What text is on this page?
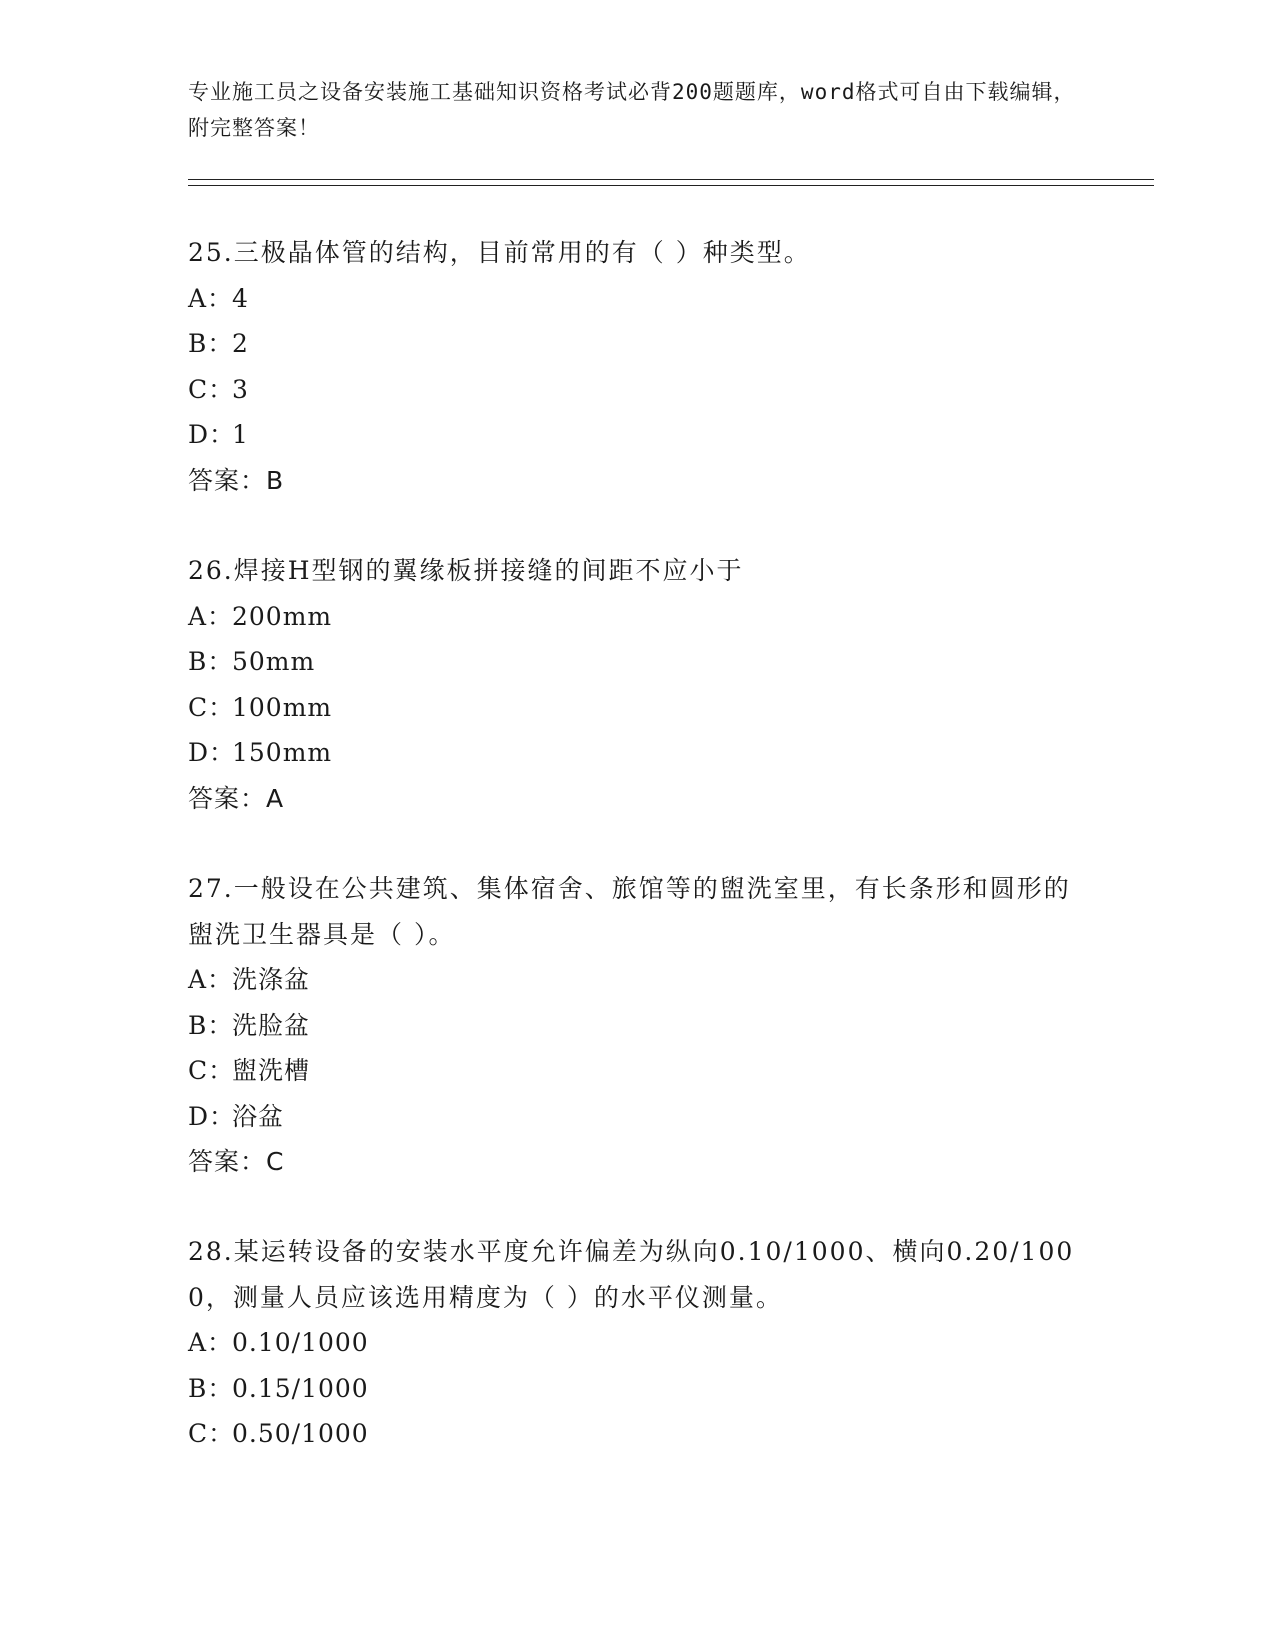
专业施工员之设备安装施工基础知识资格考试必背200题题库，word格式可自由下载编辑，附完整答案！
25.三极晶体管的结构，目前常用的有（ ）种类型。
A：4
B：2
C：3
D：1
答案：B
26.焊接H型钢的翼缘板拼接缝的间距不应小于
A：200mm
B：50mm
C：100mm
D：150mm
答案：A
27.一般设在公共建筑、集体宿舍、旅馆等的盥洗室里，有长条形和圆形的盥洗卫生器具是（ ）。
A：洗涤盆
B：洗脸盆
C：盥洗槽
D：浴盆
答案：C
28.某运转设备的安装水平度允许偏差为纵向0.10/1000、横向0.20/1000，测量人员应该选用精度为（ ）的水平仪测量。
A：0.10/1000
B：0.15/1000
C：0.50/1000
